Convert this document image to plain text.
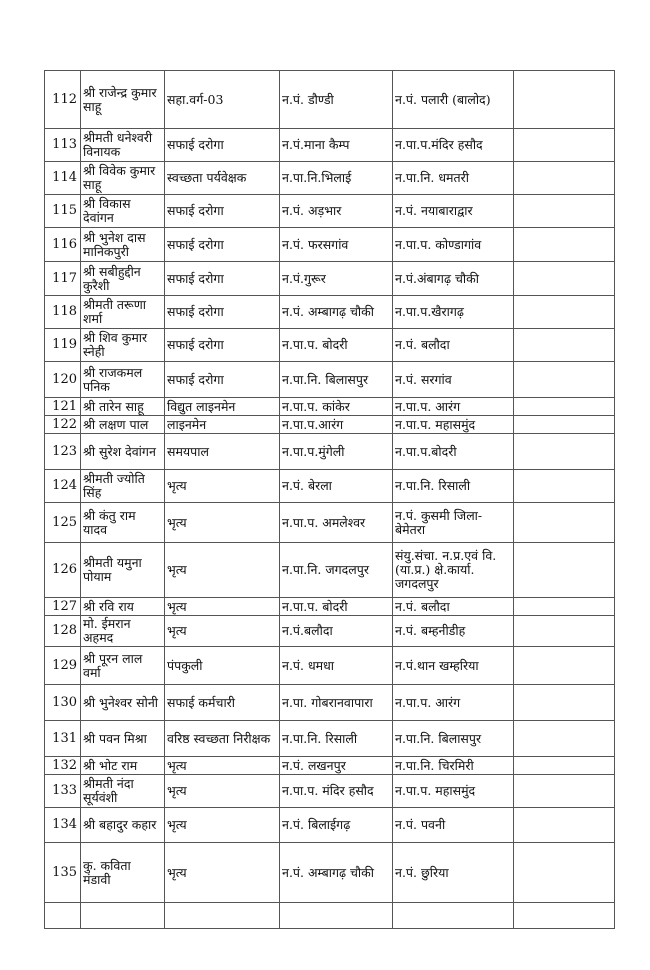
112	श्री राजेन्द्र कुमार साहू	सहा.वर्ग-03	न.पं. डौण्डी	न.पं. पलारी (बालोद)	
113	श्रीमती धनेश्वरी विनायक	सफाई दरोगा	न.पं.माना कैम्प	न.पा.प.मंदिर हसौद	
114	श्री विवेक कुमार साहू	स्वच्छता पर्यवेक्षक	न.पा.नि.भिलाई	न.पा.नि. धमतरी	
115	श्री विकास देवांगन	सफाई दरोगा	न.पं. अड़भार	न.पं. नयाबाराद्वार	
116	श्री भुनेश दास मानिकपुरी	सफाई दरोगा	न.पं. फरसगांव	न.पा.प. कोण्डागांव	
117	श्री सबीहुद्दीन कुरैशी	सफाई दरोगा	न.पं.गुरूर	न.पं.अंबागढ़ चौकी	
118	श्रीमती तरूणा शर्मा	सफाई दरोगा	न.पं. अम्बागढ़ चौकी	न.पा.प.खैरागढ़	
119	श्री शिव कुमार स्नेही	सफाई दरोगा	न.पा.प. बोदरी	न.पं. बलौदा	
120	श्री राजकमल पनिक	सफाई दरोगा	न.पा.नि. बिलासपुर	न.पं. सरगांव	
121	श्री तारेन साहू	विद्युत लाइनमेन	न.पा.प. कांकेर	न.पा.प. आरंग	
122	श्री लक्षण पाल	लाइनमेन	न.पा.प.आरंग	न.पा.प. महासमुंद	
123	श्री सुरेश देवांगन	समयपाल	न.पा.प.मुंगेली	न.पा.प.बोदरी	
124	श्रीमती ज्योति सिंह	भृत्य	न.पं. बेरला	न.पा.नि. रिसाली	
125	श्री कंतु राम यादव	भृत्य	न.पा.प. अमलेश्वर	न.पं. कुसमी जिला-बेमेतरा	
126	श्रीमती यमुना पोयाम	भृत्य	न.पा.नि. जगदलपुर	संयु.संचा. न.प्र.एवं वि.(या.प्र.) क्षे.कार्या. जगदलपुर	
127	श्री रवि राय	भृत्य	न.पा.प. बोदरी	न.पं. बलौदा	
128	मो. ईमरान अहमद	भृत्य	न.पं.बलौदा	न.पं. बम्हनीडीह	
129	श्री पूरन लाल वर्मा	पंपकुली	न.पं. धमधा	न.पं.थान खम्हरिया	
130	श्री भुनेश्वर सोनी	सफाई कर्मचारी	न.पा. गोबरानवापारा	न.पा.प. आरंग	
131	श्री पवन मिश्रा	वरिष्ठ स्वच्छता निरीक्षक	न.पा.नि. रिसाली	न.पा.नि. बिलासपुर	
132	श्री भोट राम	भृत्य	न.पं. लखनपुर	न.पा.नि. चिरमिरी	
133	श्रीमती नंदा सूर्यवंशी	भृत्य	न.पा.प. मंदिर हसौद	न.पा.प. महासमुंद	
134	श्री बहादुर कहार	भृत्य	न.पं. बिलाईगढ़	न.पं. पवनी	
135	कु. कविता मंडावी	भृत्य	न.पं. अम्बागढ़ चौकी	न.पं. छुरिया	
